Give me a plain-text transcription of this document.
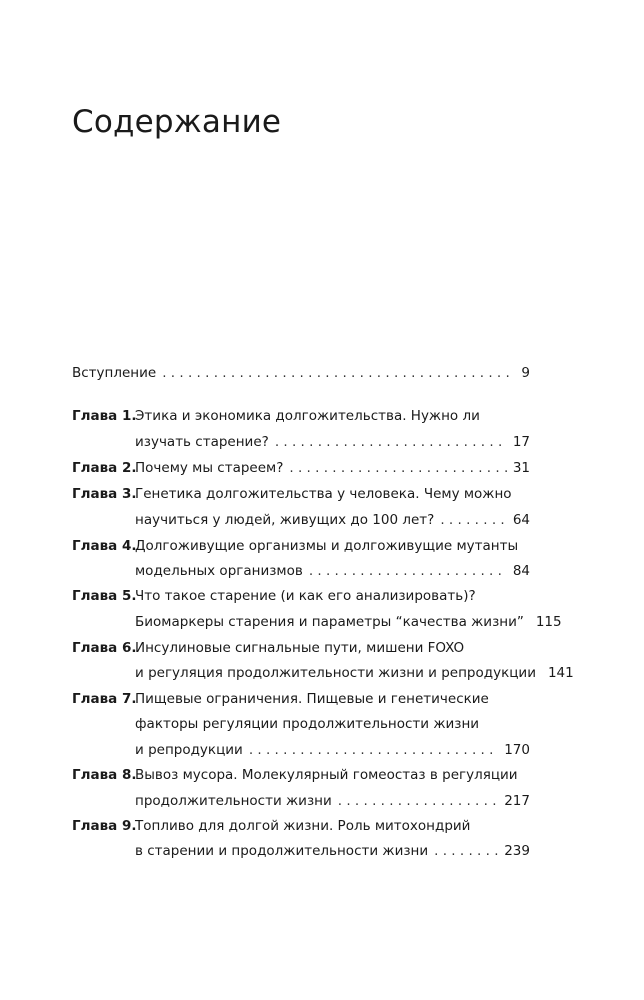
Содержание
Вступление . . .	9
Глава 1.
Этика и экономика долгожительства. Нужно ли
изучать старение? . . .	17
Глава 2.
Почему мы стареем? . . .	31
Глава 3.
Генетика долгожительства у человека. Чему можно
научиться у людей, живущих до 100 лет? . . .	64
Глава 4.
Долгоживущие организмы и долгоживущие мутанты
модельных организмов . . .	84
Глава 5.
Что такое старение (и как его анализировать)?
Биомаркеры старения и параметры “качества жизни” 115
Глава 6.
Инсулиновые сигнальные пути, мишени FOXO
и регуляция продолжительности жизни и репродукции 141
Глава 7.
Пищевые ограничения. Пищевые и генетические
факторы регуляции продолжительности жизни
и репродукции . . .	170
Глава 8.
Вывоз мусора. Молекулярный гомеостаз в регуляции
продолжительности жизни . . .	217
Глава 9.
Топливо для долгой жизни. Роль митохондрий
в старении и продолжительности жизни . . .	239
